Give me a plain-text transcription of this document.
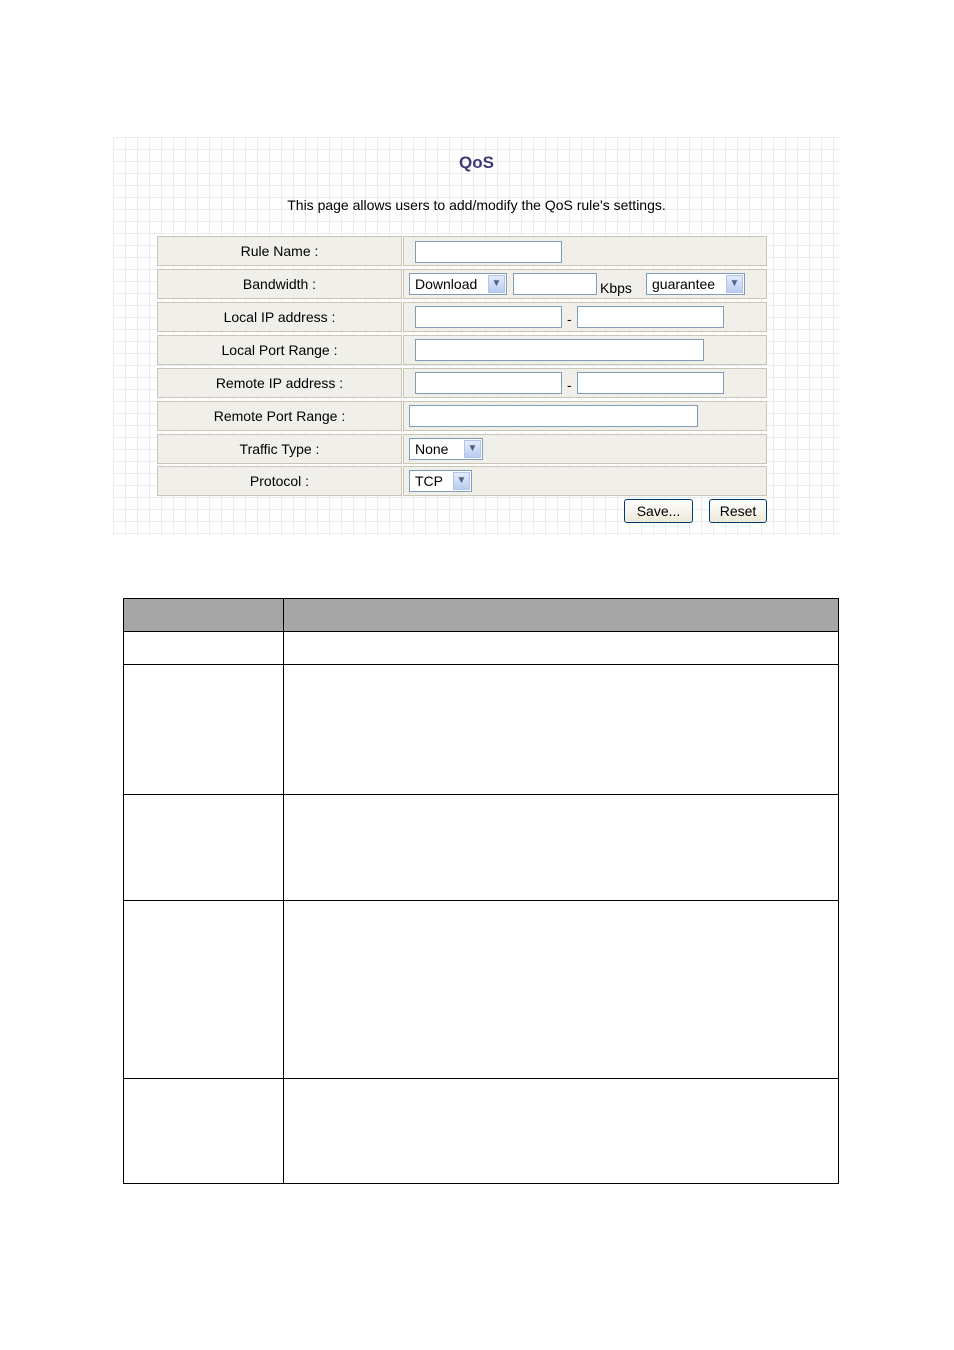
QoS
This page allows users to add/modify the QoS rule's settings.
Rule Name :
Bandwidth :	Download	▼	Kbps	guarantee	▼
Local IP address :	-
Local Port Range :
Remote IP address :	-
Remote Port Range :
Traffic Type :	None	▼
Protocol :	TCP	▼
Save...	Reset
